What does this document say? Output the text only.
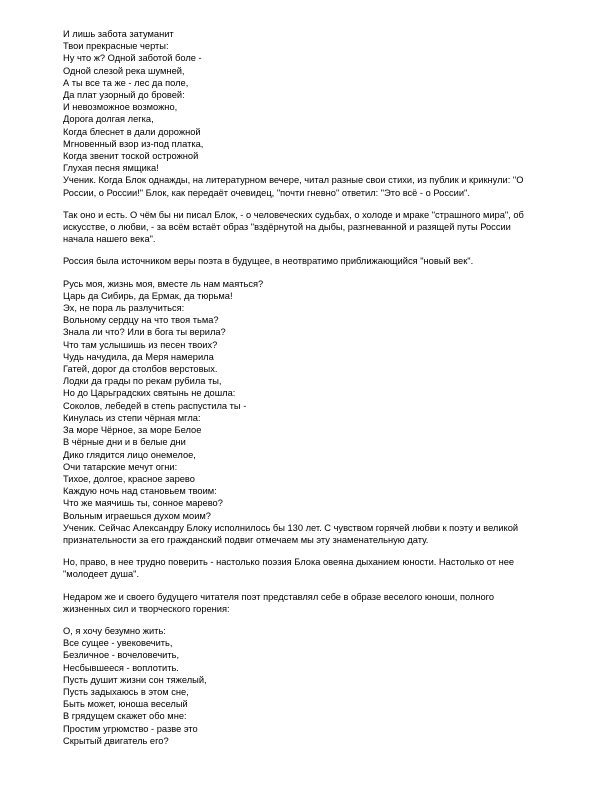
И лишь забота затуманит
Твои прекрасные черты:
Ну что ж? Одной заботой боле -
Одной слезой река шумней,
А ты все та же - лес да поле,
Да плат узорный до бровей:
И невозможное возможно,
Дорога долгая легка,
Когда блеснет в дали дорожной
Мгновенный взор из-под платка,
Когда звенит тоской острожной
Глухая песня ямщика!

Ученик. Когда Блок однажды, на литературном вечере, читал разные свои стихи, из публик и крикнули: "О России, о России!" Блок, как передаёт очевидец, "почти гневно" ответил: "Это всё - о России".

Так оно и есть. О чём бы ни писал Блок, - о человеческих судьбах, о холоде и мраке "страшного мира", об искусстве, о любви, - за всём встаёт образ "вздёрнутой на дыбы, разгневанной и разящей путы России начала нашего века".

Россия была источником веры поэта в будущее, в неотвратимо приближающийся "новый век".

Русь моя, жизнь моя, вместе ль нам маяться?
Царь да Сибирь, да Ермак, да тюрьма!
Эх, не пора ль разлучиться:
Вольному сердцу на что твоя тьма?
Знала ли что? Или в бога ты верила?
Что там услышишь из песен твоих?
Чудь начудила, да Меря намерила
Гатей, дорог да столбов верстовых.
Лодки да грады по рекам рубила ты,
Но до Царьградских святынь не дошла:
Соколов, лебедей в степь распустила ты -
Кинулась из степи чёрная мгла:
За море Чёрное, за море Белое
В чёрные дни и в белые дни
Дико глядится лицо онемелое,
Очи татарские мечут огни:
Тихое, долгое, красное зарево
Каждую ночь над становьем твоим:
Что же маячишь ты, сонное марево?
Вольным играешься духом моим?

Ученик. Сейчас Александру Блоку исполнилось бы 130 лет. С чувством горячей любви к поэту и великой признательности за его гражданский подвиг отмечаем мы эту знаменательную дату.

Но, право, в нее трудно поверить - настолько поэзия Блока овеяна дыханием юности. Настолько от нее "молодеет душа".

Недаром же и своего будущего читателя поэт представлял себе в образе веселого юноши, полного жизненных сил и творческого горения:

О, я хочу безумно жить:
Все сущее - увековечить,
Безличное - вочеловечить,
Несбывшееся - воплотить.
Пусть душит жизни сон тяжелый,
Пусть задыхаюсь в этом сне,
Быть может, юноша веселый
В грядущем скажет обо мне:
Простим угрюмство - разве это
Скрытый двигатель его?
